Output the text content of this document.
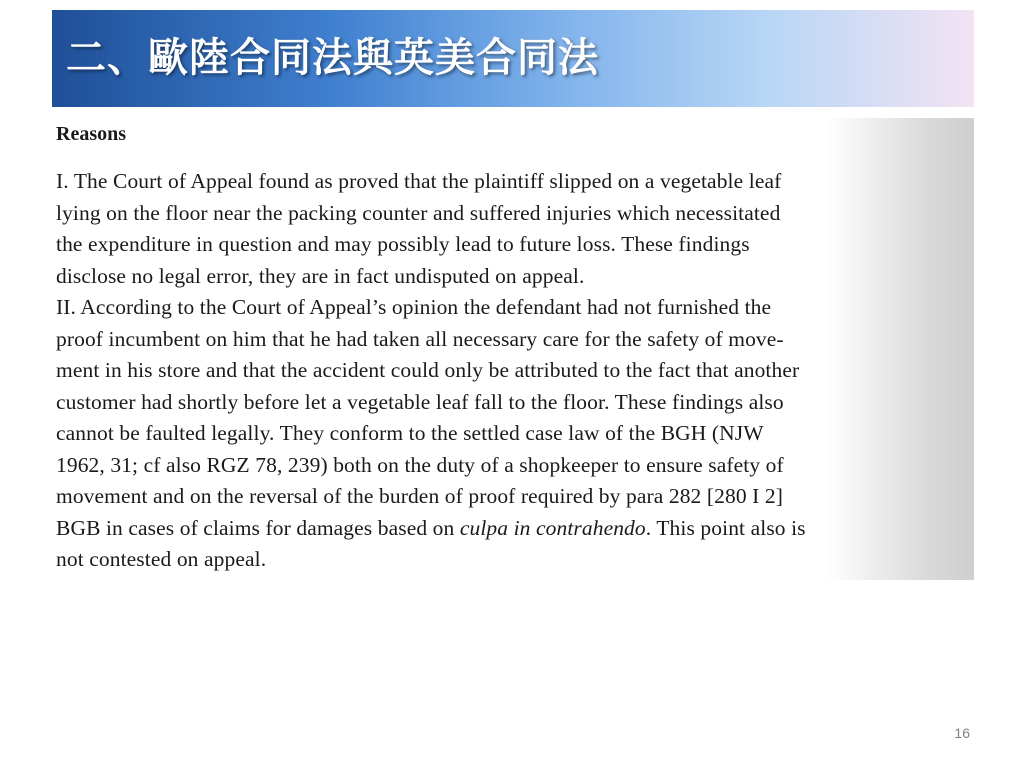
二、歐陸合同法與英美合同法
Reasons
I. The Court of Appeal found as proved that the plaintiff slipped on a vegetable leaf
lying on the floor near the packing counter and suffered injuries which necessitated
the expenditure in question and may possibly lead to future loss. These findings
disclose no legal error, they are in fact undisputed on appeal.
II. According to the Court of Appeal’s opinion the defendant had not furnished the
proof incumbent on him that he had taken all necessary care for the safety of move-
ment in his store and that the accident could only be attributed to the fact that another
customer had shortly before let a vegetable leaf fall to the floor. These findings also
cannot be faulted legally. They conform to the settled case law of the BGH (NJW
1962, 31; cf also RGZ 78, 239) both on the duty of a shopkeeper to ensure safety of
movement and on the reversal of the burden of proof required by para 282 [280 I 2]
BGB in cases of claims for damages based on culpa in contrahendo. This point also is
not contested on appeal.
16
